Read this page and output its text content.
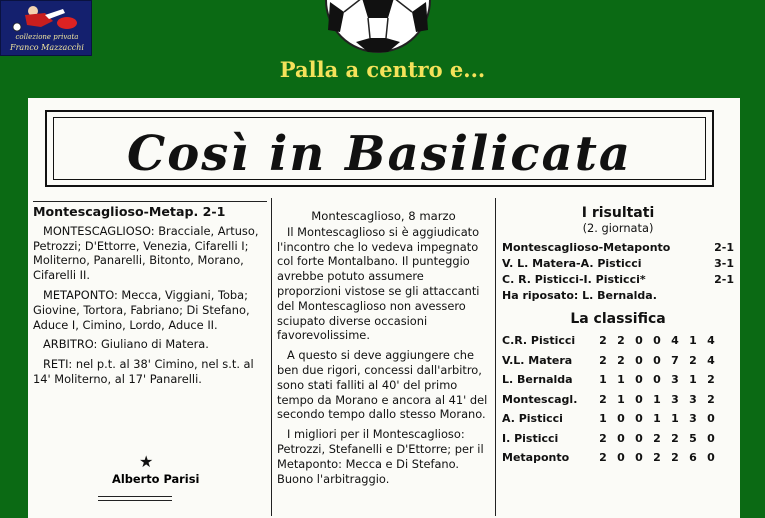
collezione privata
Franco Mazzacchi
Palla a centro e...
Così in Basilicata
Montescaglioso-Metap. 2-1

MONTESCAGLIOSO: Bracciale, Artuso, Petrozzi; D'Ettorre, Venezia, Cifarelli I; Moliterno, Panarelli, Bitonto, Morano, Cifarelli II.

METAPONTO: Mecca, Viggiani, Toba; Giovine, Tortora, Fabriano; Di Stefano, Aduce I, Cimino, Lordo, Aduce II.

ARBITRO: Giuliano di Matera.

RETI: nel p.t. al 38' Cimino, nel s.t. al 14' Moliterno, al 17' Panarelli.

★
Montescaglioso, 8 marzo

Il Montescaglioso si è aggiudicato l'incontro che lo vedeva impegnato col forte Montalbano. Il punteggio avrebbe potuto assumere proporzioni vistose se gli attaccanti del Montescaglioso non avessero sciupato diverse occasioni favorevolissime.

A questo si deve aggiungere che ben due rigori, concessi dall'arbitro, sono stati falliti al 40' del primo tempo da Morano e ancora al 41' del secondo tempo dallo stesso Morano.

I migliori per il Montescaglioso: Petrozzi, Stefanelli e D'Ettorre; per il Metaponto: Mecca e Di Stefano. Buono l'arbitraggio.

Alberto Parisi
I risultati
(2. giornata)
Montescaglioso-Metaponto	2-1
V. L. Matera-A. Pisticci	3-1
C. R. Pisticci-I. Pisticci*	2-1
Ha riposato: L. Bernalda.
La classifica
C.R. Pisticci	2	2	0	0	4	1	4
V.L. Matera	2	2	0	0	7	2	4
L. Bernalda	1	1	0	0	3	1	2
Montescagl.	2	1	0	1	3	3	2
A. Pisticci	1	0	0	1	1	3	0
I. Pisticci	2	0	0	2	2	5	0
Metaponto	2	0	0	2	2	6	0
